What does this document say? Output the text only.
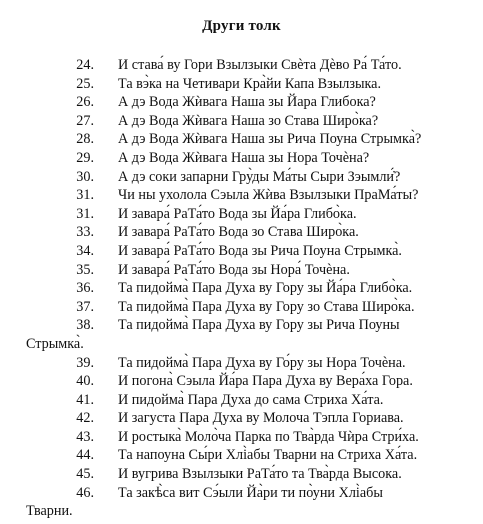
Други толк
24. И става́ ву Гори Взылзыки Свѐта Дѐво Ра́ Та́то.
25. Та вэ̀ка на Четивари Кра̀йи Капа Взылзыка.
26. А дэ Вода Жѝвага Наша зы Йара Глибока?
27. А дэ Вода Жѝвага Наша зо Става Широ̀ка?
28. А дэ Вода Жѝвага Наша зы Рича Поуна Стрымка̀?
29. А дэ Вода Жѝвага Наша зы Нора Точѐна?
30. А дэ соки запарни Гру̀ды Ма́ты Сыри Зэымли̇́?
31. Чи ны ухолола Сэыла Жѝва Взылзыки ПраМа́ты?
31. И завара́ РаТа́то Вода зы Йа́ра Глибо̀ка.
33. И завара́ РаТа́то Вода зо Става Широ̀ка.
34. И завара́ РаТа́то Вода зы Рича Поуна Стрымка̀.
35. И завара́ РаТа́то Вода зы Нора́ Точѐна.
36. Та пидойма̀ Пара Духа ву Гору зы Йа́ра Глибо̀ка.
37. Та пидойма̀ Пара Духа ву Гору зо Става Широ̀ка.
38. Та пидойма̀ Пара Духа ву Гору зы Рича Поуны
Стрымка̀.
39. Та пидойма̀ Пара Духа ву Го́ру зы Нора Точѐна.
40. И погона̀ Сэыла Йа́ра Пара Духа ву Вера́ха Гора.
41. И пидойма̀ Пара Духа до сама Стриха Ха́та.
42. И загуста Пара Духа ву Молоча Тэпла Гориава.
43. И ростыка̀ Моло̀ча Парка по Тва̀рда Чѝра Стри́ха.
44. Та напоуна Сы́ри Хлі̀абы Тварни на Стриха Ха́та.
45. И вугрива Взылзыки РаТа́то та Тва̀рда Высока.
46. Та закѣ̀са вит Сэ́ыли Йа̀ри ти по̀уни Хлі̀абы
Тварни.
